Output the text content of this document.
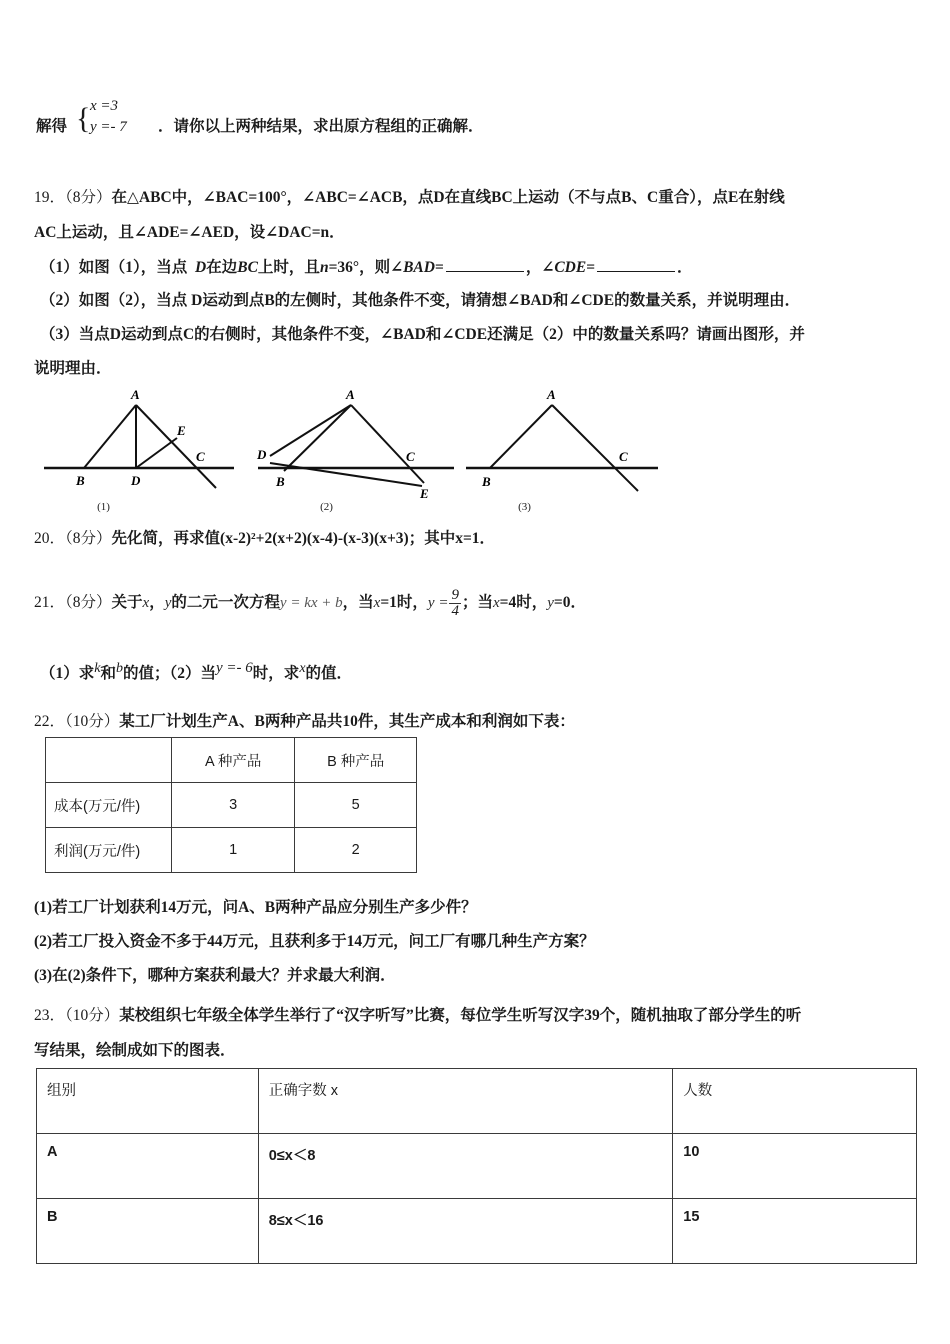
解得 { x =3
y =- 7 ．请你以上两种结果，求出原方程组的正确解．
19．（8分）在△ABC中，∠BAC=100°，∠ABC=∠ACB，点D在直线BC上运动（不与点B、C重合），点E在射线
AC上运动，且∠ADE=∠AED，设∠DAC=n．
（1）如图（1），当点  D在边BC上时，且n=36°，则∠BAD=	，∠CDE=	．
（2）如图（2），当点 D运动到点B的左侧时，其他条件不变，请猜想∠BAD和∠CDE的数量关系，并说明理由．
（3）当点D运动到点C的右侧时，其他条件不变，∠BAD和∠CDE还满足（2）中的数量关系吗？请画出图形，并
说明理由．
A
B	D
C
E
(1)
A
D
B
C
E
(2)
A
B
C
(3)
20．（8分）先化简，再求值(x-2)²+2(x+2)(x-4)-(x-3)(x+3)；其中x=1．
21．（8分）关于x，y的二元一次方程y = kx + b，当x=1时，$y = \frac{9}{4}$ ；当x=4时，y=0．
（1）求k和b的值；（2）当y =- 6时，求x的值．
22．（10分）某工厂计划生产A、B两种产品共10件，其生产成本和利润如下表：
	A 种产品	B 种产品
成本(万元/件)	3	5
利润(万元/件)	1	2
(1)若工厂计划获利14万元，问A、B两种产品应分别生产多少件？
(2)若工厂投入资金不多于44万元，且获利多于14万元，问工厂有哪几种生产方案？
(3)在(2)条件下，哪种方案获利最大？并求最大利润．
23．（10分）某校组织七年级全体学生举行了“汉字听写”比赛，每位学生听写汉字39个，随机抽取了部分学生的听
写结果，绘制成如下的图表．
组别	正确字数 x	人数
A	0≤x＜8	10
B	8≤x＜16	15
